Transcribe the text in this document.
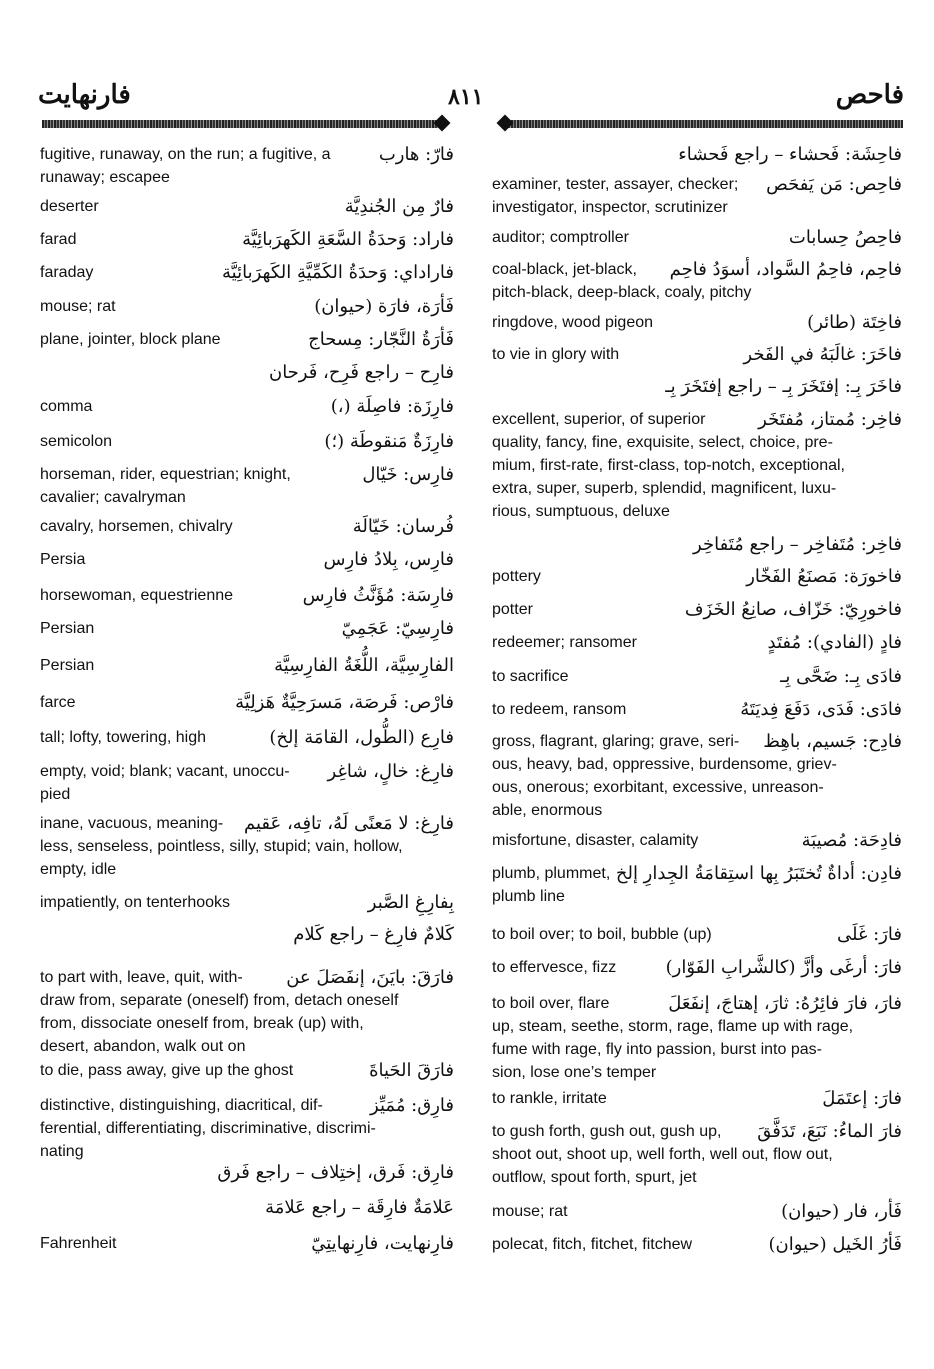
فارنهايت	٨١١	فاحص
fugitive, runaway, on the run; a fugitive, a
runaway; escapee
فارّ: هارب
deserter	فارٌ مِن الجُندِيَّة
farad	فاراد: وَحدَةُ السَّعَةِ الكَهرَبائِيَّة
faraday	فاراداي: وَحدَةُ الكَمِّيَّةِ الكَهرَبائِيَّة
mouse; rat	فَأرَة، فارَة (حيوان)
plane, jointer, block plane	فَأرَةُ النَّجّار: مِسحاج
فارِح – راجع فَرِح، فَرحان
comma	فارِزَة: فاصِلَة (،)
semicolon	فارِزَةٌ مَنقوطَة (؛)
horseman, rider, equestrian; knight,
cavalier; cavalryman
فارِس: خَيّال
cavalry, horsemen, chivalry	فُرسان: خَيّالَة
Persia	فارِس، بِلادُ فارِس
horsewoman, equestrienne	فارِسَة: مُؤَنَّثُ فارِس
Persian	فارِسِيّ: عَجَمِيّ
Persian	الفارِسِيَّة، اللُّغَةُ الفارِسِيَّة
farce	فارْص: فَرصَة، مَسرَحِيَّةٌ هَزلِيَّة
tall; lofty, towering, high	فارِع (الطُّول، القامَة إلخ)
empty, void; blank; vacant, unoccu-
pied
فارِغ: خالٍ، شاغِر
inane, vacuous, meaning-
less, senseless, pointless, silly, stupid; vain, hollow,
empty, idle
فارِغ: لا مَعنًى لَهُ، تافِه، عَقيم
impatiently, on tenterhooks	بِفارِغِ الصَّبر
كَلامٌ فارِغ – راجع كَلام
to part with, leave, quit, with-
draw from, separate (oneself) from, detach oneself
from, dissociate oneself from, break (up) with,
desert, abandon, walk out on
فارَقَ: بايَنَ، إنفَصَلَ عن
to die, pass away, give up the ghost	فارَقَ الحَياةَ
distinctive, distinguishing, diacritical, dif-
ferential, differentiating, discriminative, discrimi-
nating
فارِق: مُمَيِّز
فارِق: فَرق، إختِلاف – راجع فَرق
عَلامَةٌ فارِقَة – راجع عَلامَة
Fahrenheit	فارِنهايت، فارِنهايتِيّ
فاحِشَة: فَحشاء – راجع فَحشاء
examiner, tester, assayer, checker;
investigator, inspector, scrutinizer
فاحِص: مَن يَفحَص
auditor; comptroller	فاحِصُ حِسابات
coal-black, jet-black,
pitch-black, deep-black, coaly, pitchy
فاحِم، فاحِمُ السَّواد، أسوَدُ فاحِم
ringdove, wood pigeon	فاخِتَة (طائر)
to vie in glory with	فاخَرَ: غالَبَهُ في الفَخر
فاخَرَ بِـ: إفتَخَرَ بِـ – راجع إفتَخَرَ بِـ
excellent, superior, of superior
quality, fancy, fine, exquisite, select, choice, pre-
mium, first-rate, first-class, top-notch, exceptional,
extra, super, superb, splendid, magnificent, luxu-
rious, sumptuous, deluxe
فاخِر: مُمتاز، مُفتَخَر
فاخِر: مُتَفاخِر – راجع مُتَفاخِر
pottery	فاخورَة: مَصنَعُ الفَخّار
potter	فاخورِيّ: خَزّاف، صانِعُ الخَزَف
redeemer; ransomer	فادٍ (الفادي): مُفتَدٍ
to sacrifice	فادَى بِـ: ضَحَّى بِـ
to redeem, ransom	فادَى: فَدَى، دَفَعَ فِديَتَهُ
gross, flagrant, glaring; grave, seri-
ous, heavy, bad, oppressive, burdensome, griev-
ous, onerous; exorbitant, excessive, unreason-
able, enormous
فادِح: جَسيم، باهِظ
misfortune, disaster, calamity	فادِحَة: مُصيبَة
plumb, plummet,
plumb line
فادِن: أداةٌ تُختَبَرُ بِها استِقامَةُ الجِدارِ إلخ
to boil over; to boil, bubble (up)	فارَ: غَلَى
to effervesce, fizz	فارَ: أرغَى وأزَّ (كالشَّرابِ الفَوّار)
to boil over, flare
up, steam, seethe, storm, rage, flame up with rage,
fume with rage, fly into passion, burst into pas-
sion, lose one’s temper
فارَ، فارَ فائِرُهُ: ثارَ، إهتاجَ، إنفَعَلَ
to rankle, irritate	فارَ: إعتَمَلَ
to gush forth, gush out, gush up,
shoot out, shoot up, well forth, well out, flow out,
outflow, spout forth, spurt, jet
فارَ الماءُ: نَبَعَ، تَدَفَّقَ
mouse; rat	فَأر، فار (حيوان)
polecat, fitch, fitchet, fitchew	فَأرُ الخَيل (حيوان)
